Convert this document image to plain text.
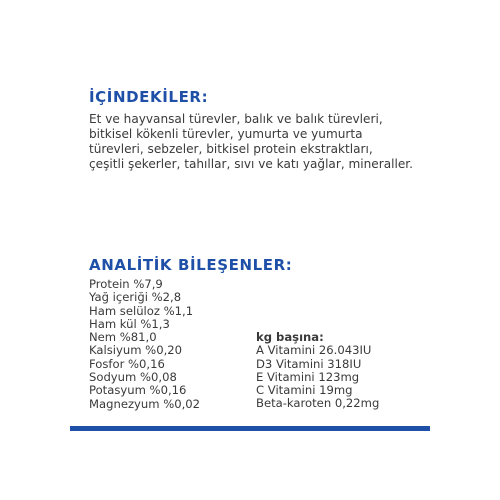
İÇİNDEKİLER:

Et ve hayvansal türevler, balık ve balık türevleri,
bitkisel kökenli türevler, yumurta ve yumurta
türevleri, sebzeler, bitkisel protein ekstraktları,
çeşitli şekerler, tahıllar, sıvı ve katı yağlar, mineraller.

ANALİTİK BİLEŞENLER:
Protein %7,9
Yağ içeriği %2,8
Ham selüloz %1,1
Ham kül %1,3
Nem %81,0
Kalsiyum %0,20
Fosfor %0,16
Sodyum %0,08
Potasyum %0,16
Magnezyum %0,02
kg başına:
A Vitamini 26.043IU
D3 Vitamini 318IU
E Vitamini 123mg
C Vitamini 19mg
Beta-karoten 0,22mg
